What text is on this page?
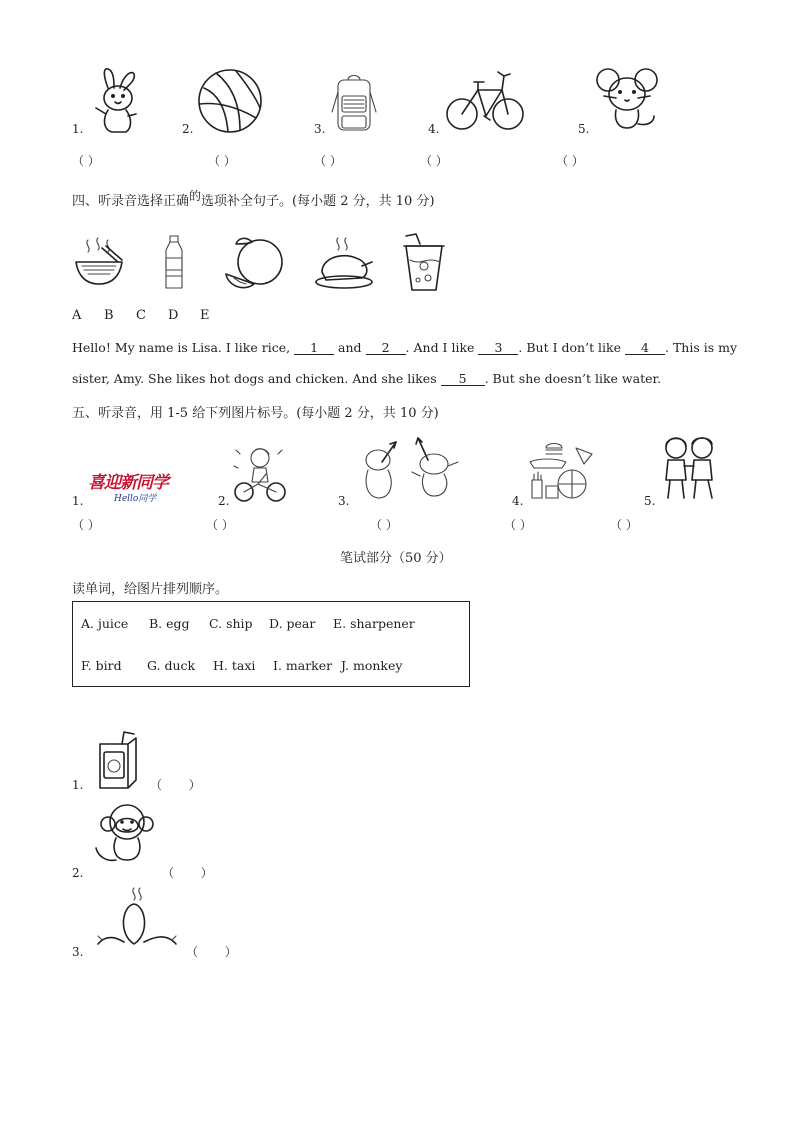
1.	2.	3.	4.	5.
（ ）	（ ）	（ ）	（ ）	（ ）
四、听录音选择正确的选项补全句子。(每小题 2 分，共 10 分)
A B C D E
Hello! My name is Lisa. I like rice, 1 and 2 . And I like 3 . But I don’t like 4 . This is my
sister, Amy. She likes hot dogs and chicken. And she likes 5 . But she doesn’t like water.
五、听录音，用 1-5 给下列图片标号。(每小题 2 分，共 10 分)
喜迎新同学
Hello同学
1.	2.	3.	4.	5.
（ ）	（ ）	（ ）	（ ）	（ ）
笔试部分（50 分）
读单词，给图片排列顺序。
A. juice B. egg C. ship D. pear E. sharpener
F. bird G. duck H. taxi I. marker J. monkey
1.	（       ）
2.	（       ）
3.	（       ）
